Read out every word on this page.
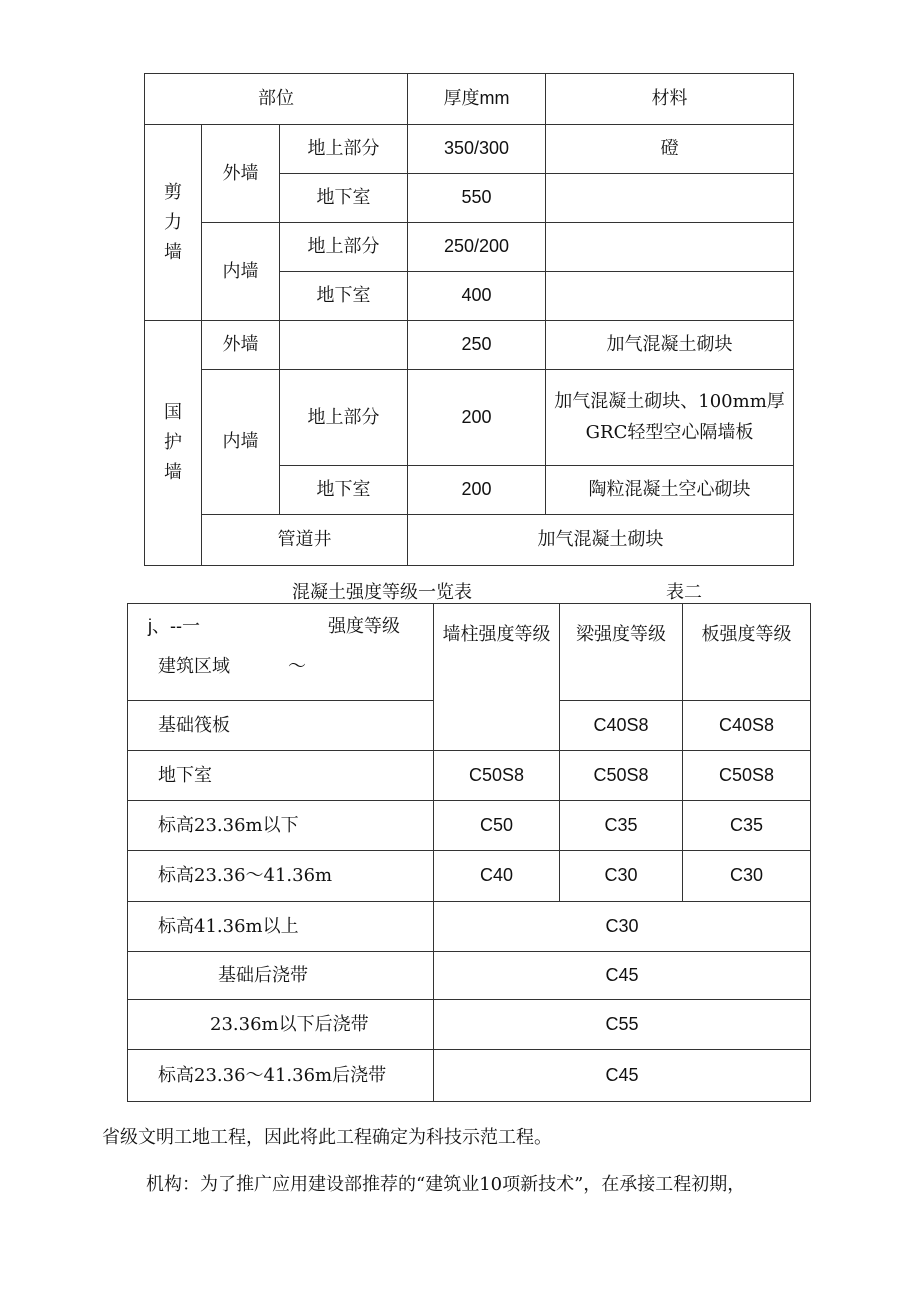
部位			厚度mm	材料

剪
力
墙	外墙	地上部分	350/300	磴
		地下室	550	
	内墙	地上部分	250/200	
		地下室	400	

国
护
墙	外墙		250	加气混凝土砌块
	内墙	地上部分	200	加气混凝土砌块、100mm厚
GRC轻型空心隔墙板

		地下室	200	陶粒混凝土空心砌块
	管道井		加气混凝土砌块	
混凝土强度等级一览表	表二
j、--一 强度等级
建筑区域 ～	墙柱强度等级	梁强度等级	板强度等级
基础筏板		C40S8	C40S8
地下室	C50S8	C50S8	C50S8
标高23.36m以下	C50	C35	C35
标高23.36～41.36m	C40	C30	C30
标高41.36m以上	C30		
基础后浇带	C45		
23.36m以下后浇带	C55		
标高23.36～41.36m后浇带	C45		
省级文明工地工程，因此将此工程确定为科技示范工程。
机构：为了推广应用建设部推荐的“建筑业10项新技术”，在承接工程初期，
